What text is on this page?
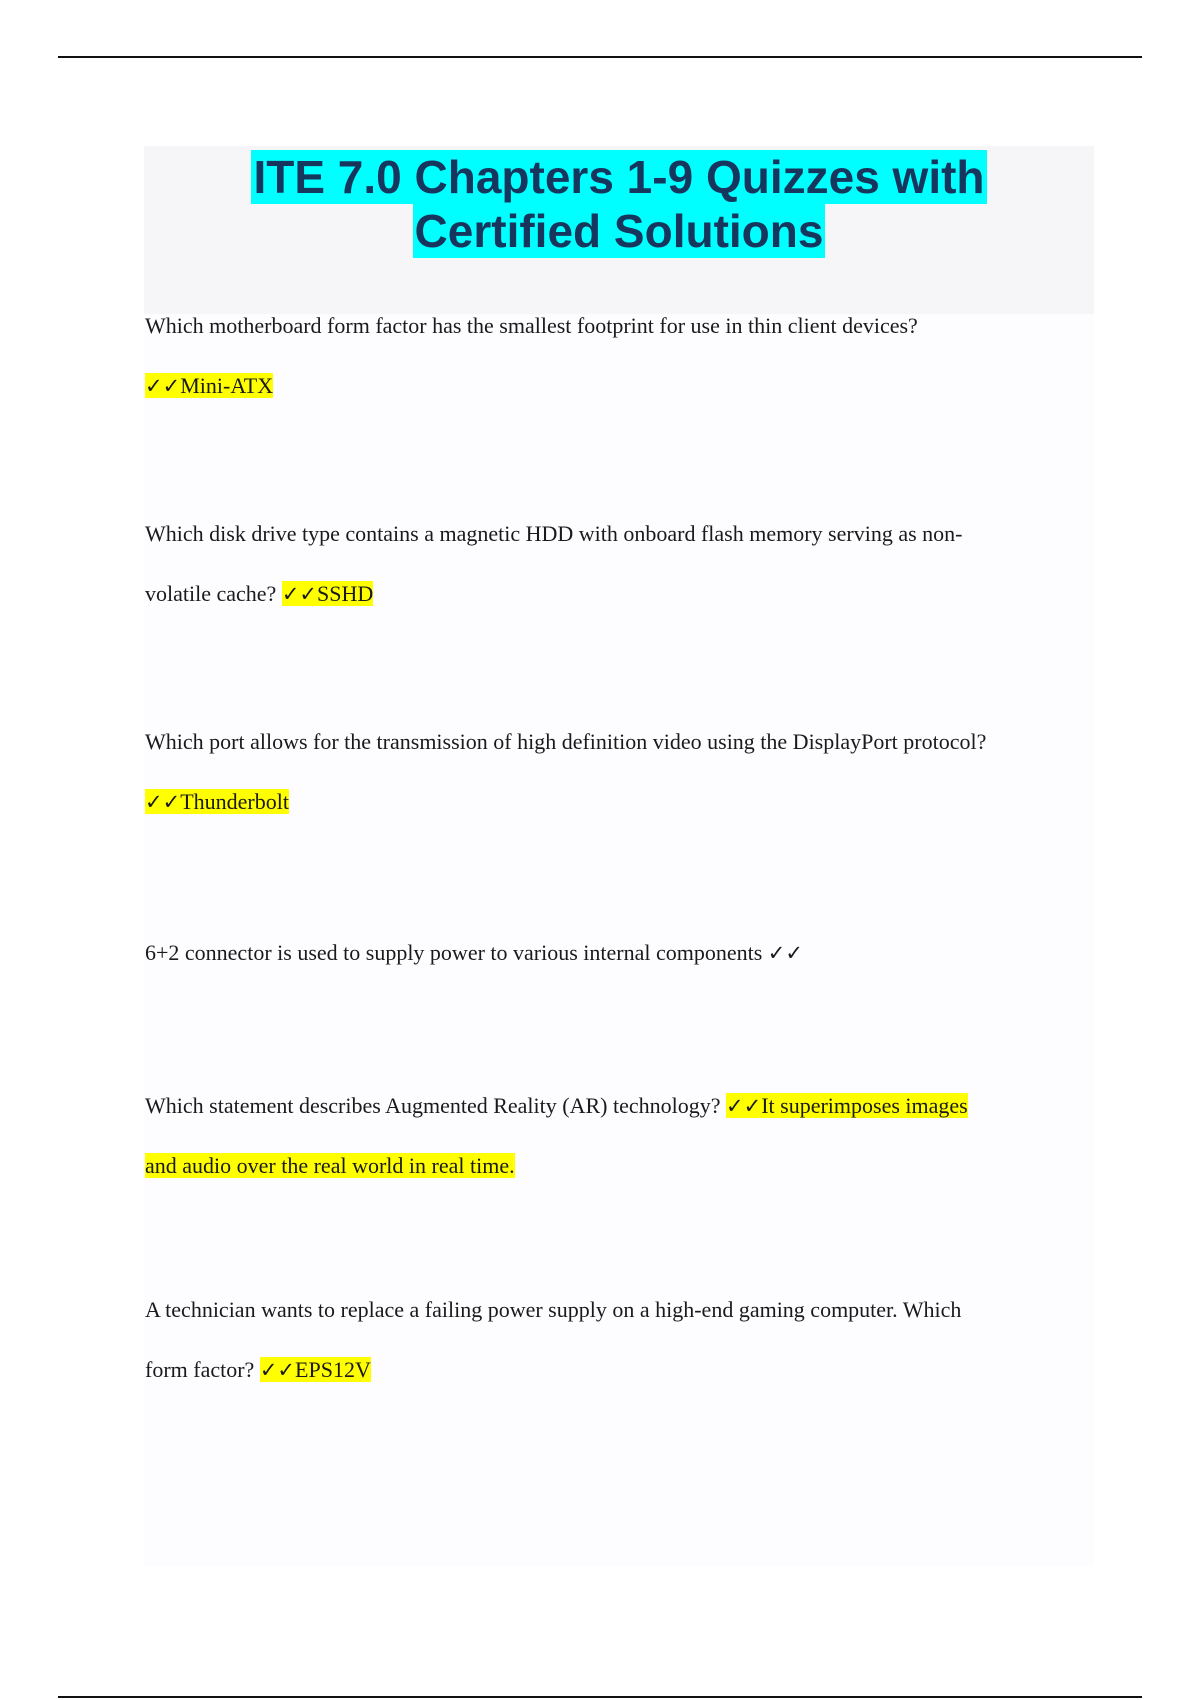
ITE 7.0 Chapters 1-9 Quizzes with
Certified Solutions

Which motherboard form factor has the smallest footprint for use in thin client devices?

✓✓Mini-ATX

Which disk drive type contains a magnetic HDD with onboard flash memory serving as non-

volatile cache? ✓✓SSHD

Which port allows for the transmission of high definition video using the DisplayPort protocol?

✓✓Thunderbolt

6+2 connector is used to supply power to various internal components ✓✓

Which statement describes Augmented Reality (AR) technology? ✓✓It superimposes images

and audio over the real world in real time.

A technician wants to replace a failing power supply on a high-end gaming computer. Which

form factor? ✓✓EPS12V
